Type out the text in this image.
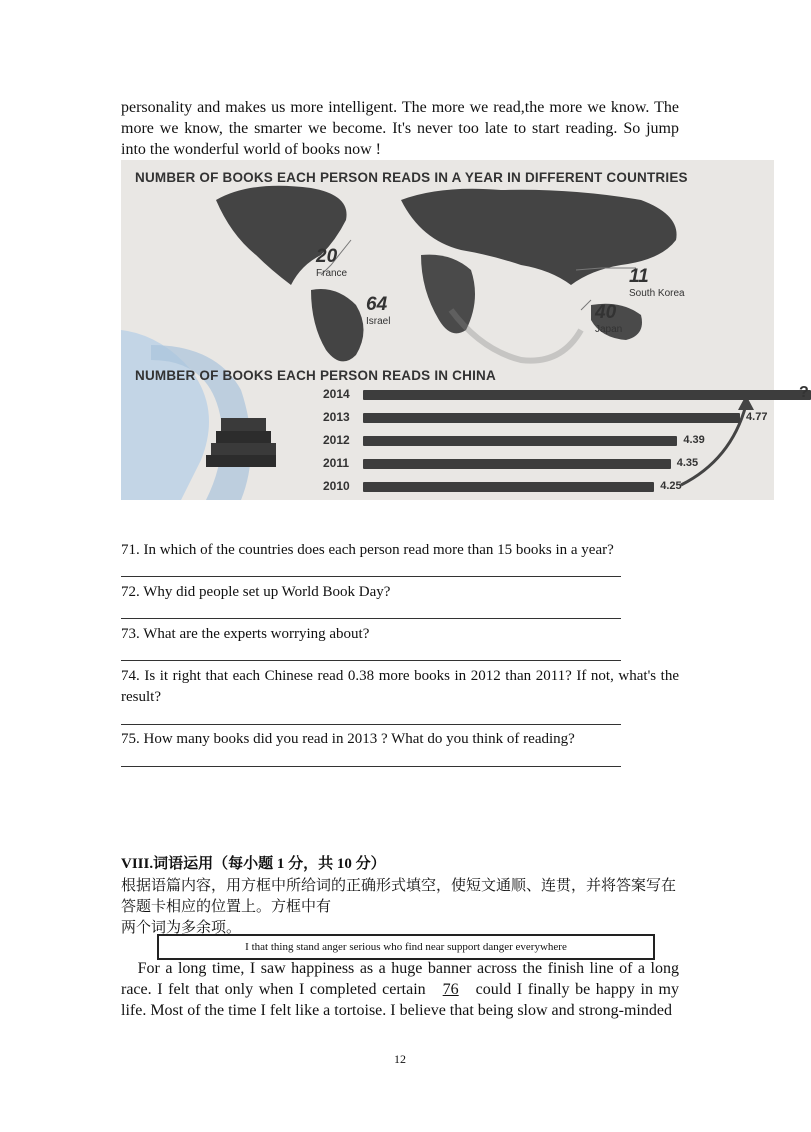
personality and makes us more intelligent. The more we read,the more we know. The more we know, the smarter we become. It's never too late to start reading. So jump into the wonderful world of books now !
NUMBER OF BOOKS EACH PERSON READS IN A YEAR IN DIFFERENT COUNTRIES
20
France
64
Israel
11
South Korea
40
Japan
NUMBER OF BOOKS EACH PERSON READS IN CHINA
2014	?
2013	4.77
2012	4.39
2011	4.35
2010	4.25
71. In which of the countries does each person read more than 15 books in a year?
72. Why did people set up World Book Day?
73. What are the experts worrying about?
74. Is it right that each Chinese read 0.38 more books in 2012 than 2011? If not, what's the result?
75. How many books did you read in 2013 ? What do you think of reading?
VIII.词语运用（每小题 1 分，共 10 分）
根据语篇内容，用方框中所给词的正确形式填空，使短文通顺、连贯，并将答案写在答题卡相应的位置上。方框中有
两个词为多余项。
I that thing stand anger serious who find near support danger everywhere
For a long time, I saw happiness as a huge banner across the finish line of a long race. I felt that only when I completed certain 76 could I finally be happy in my life. Most of the time I felt like a tortoise. I believe that being slow and strong-minded
12
